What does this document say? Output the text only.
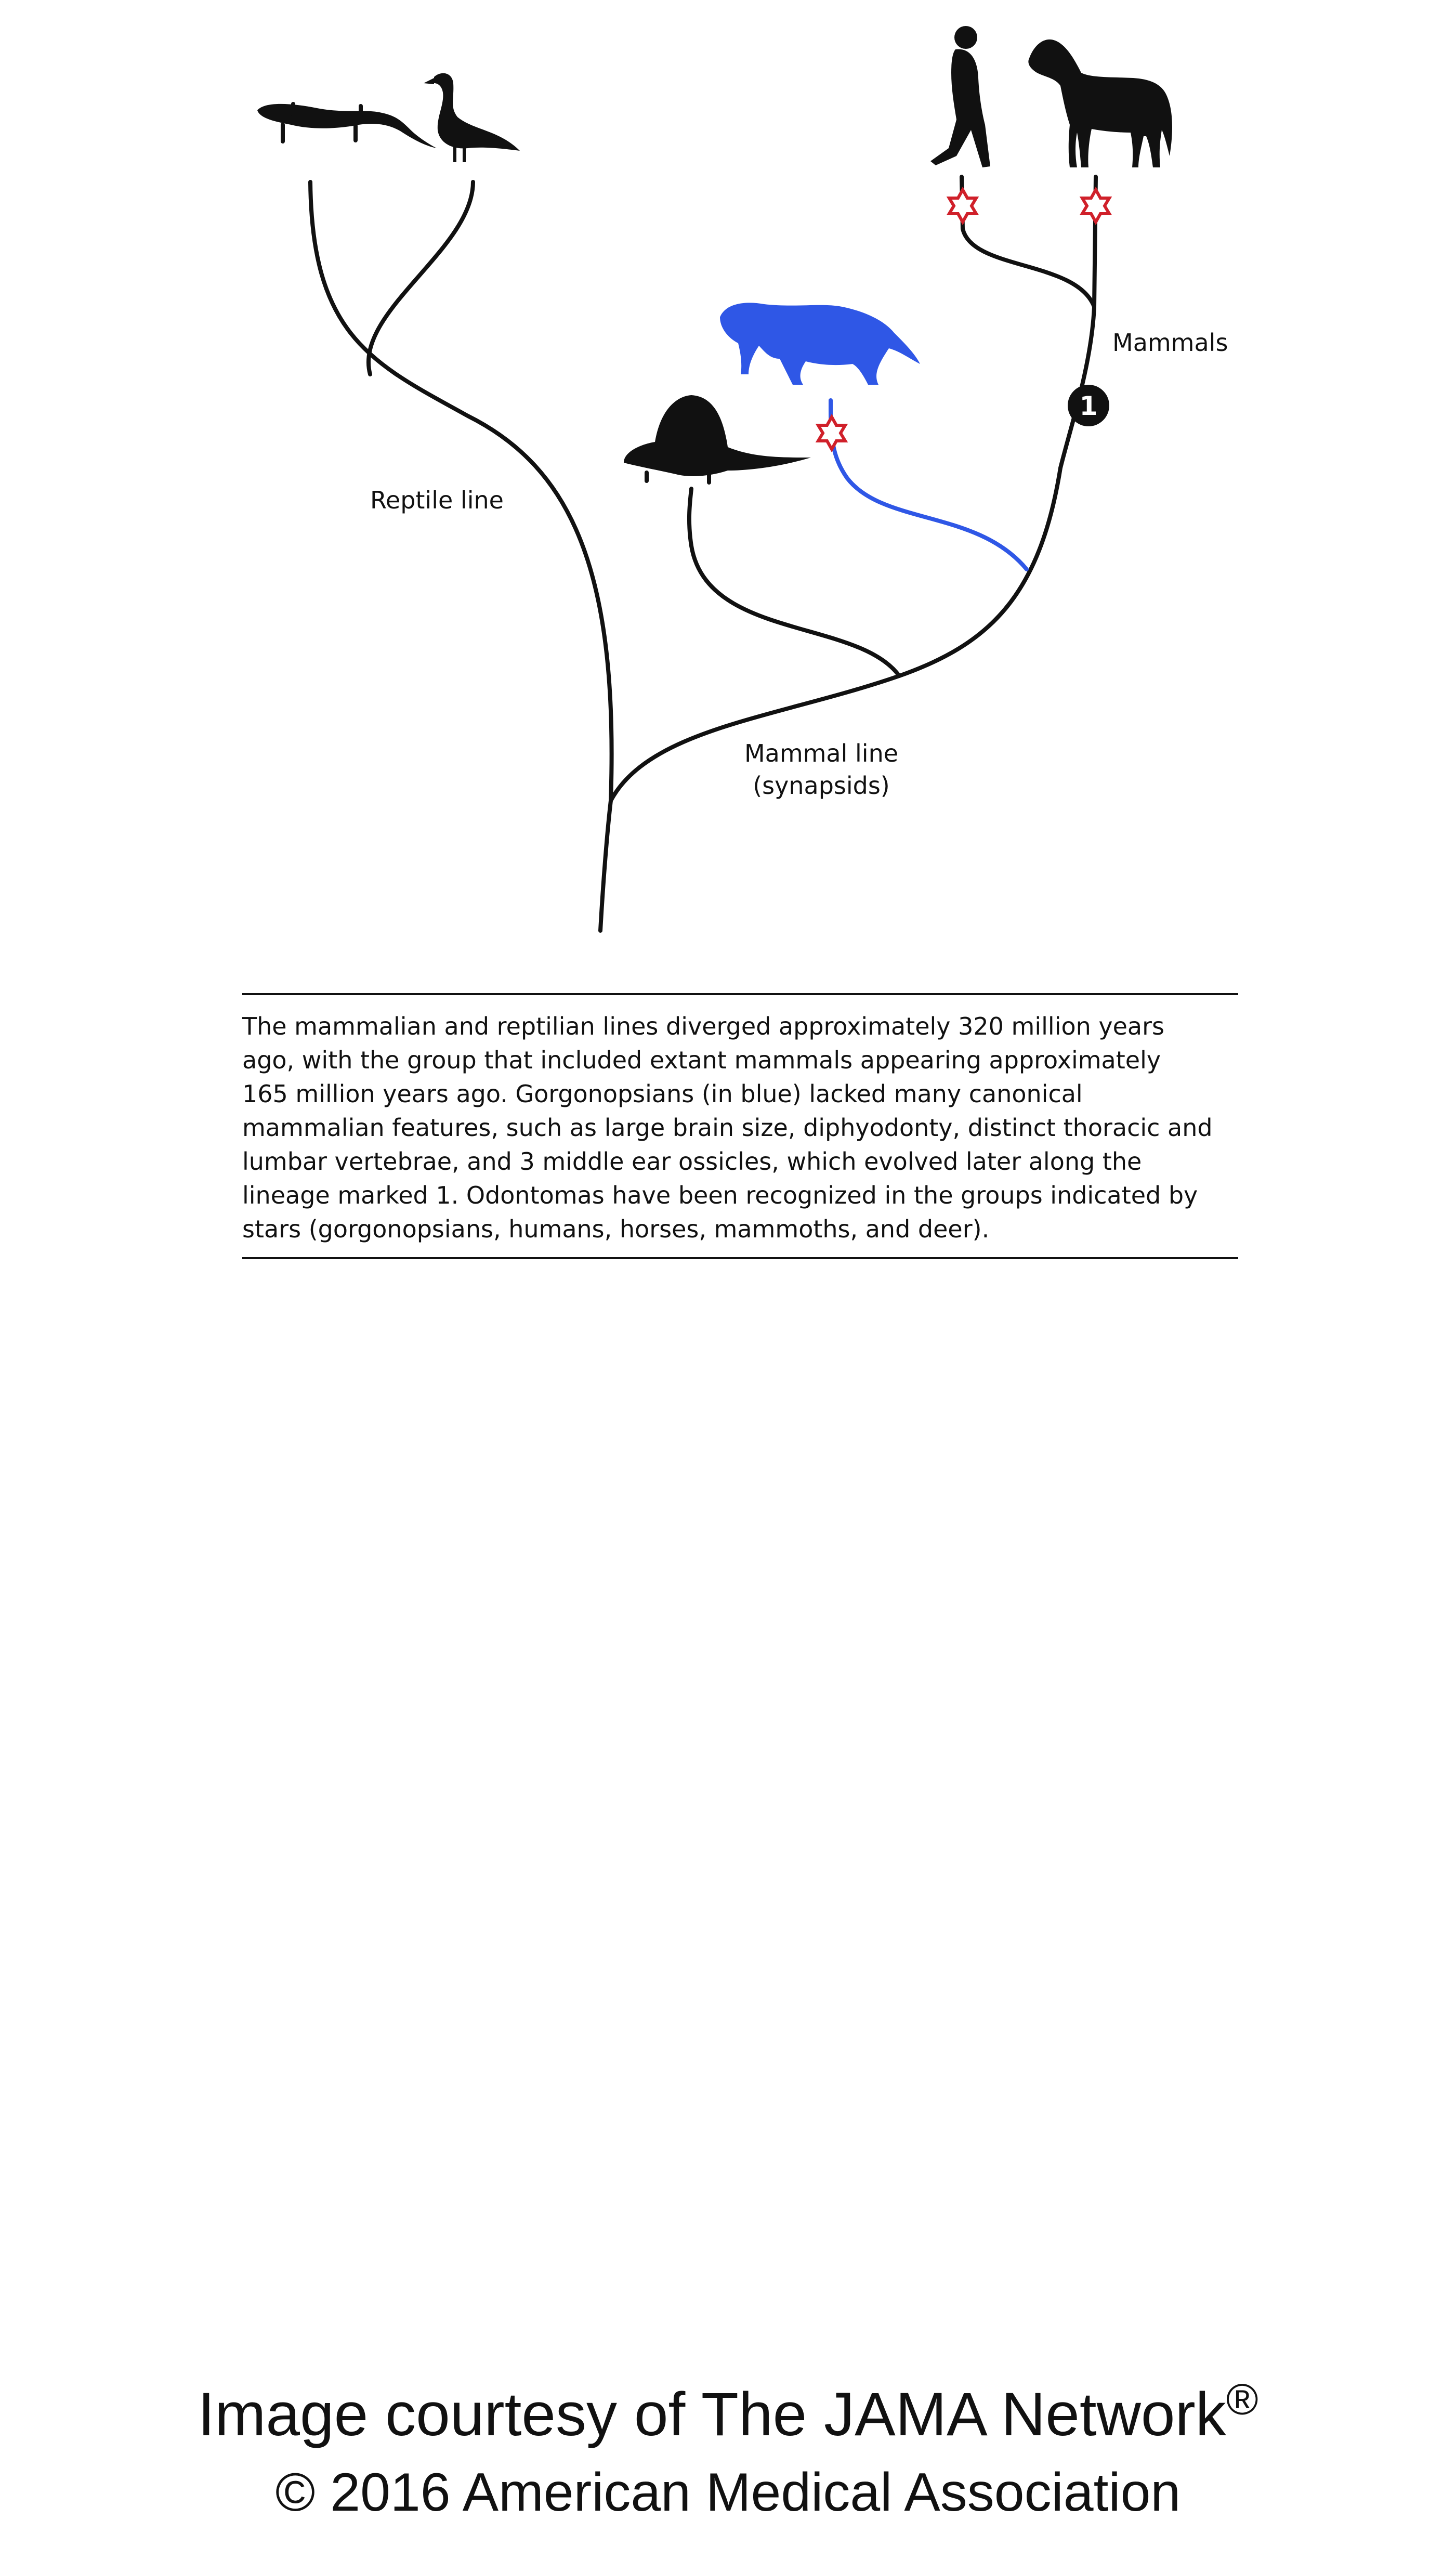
1
Reptile line
Mammal line
(synapsids)
Mammals
The mammalian and reptilian lines diverged approximately 320 million years
ago, with the group that included extant mammals appearing approximately
165 million years ago. Gorgonopsians (in blue) lacked many canonical
mammalian features, such as large brain size, diphyodonty, distinct thoracic and
lumbar vertebrae, and 3 middle ear ossicles, which evolved later along the
lineage marked 1. Odontomas have been recognized in the groups indicated by
stars (gorgonopsians, humans, horses, mammoths, and deer).
Image courtesy of The JAMA Network®
© 2016 American Medical Association
